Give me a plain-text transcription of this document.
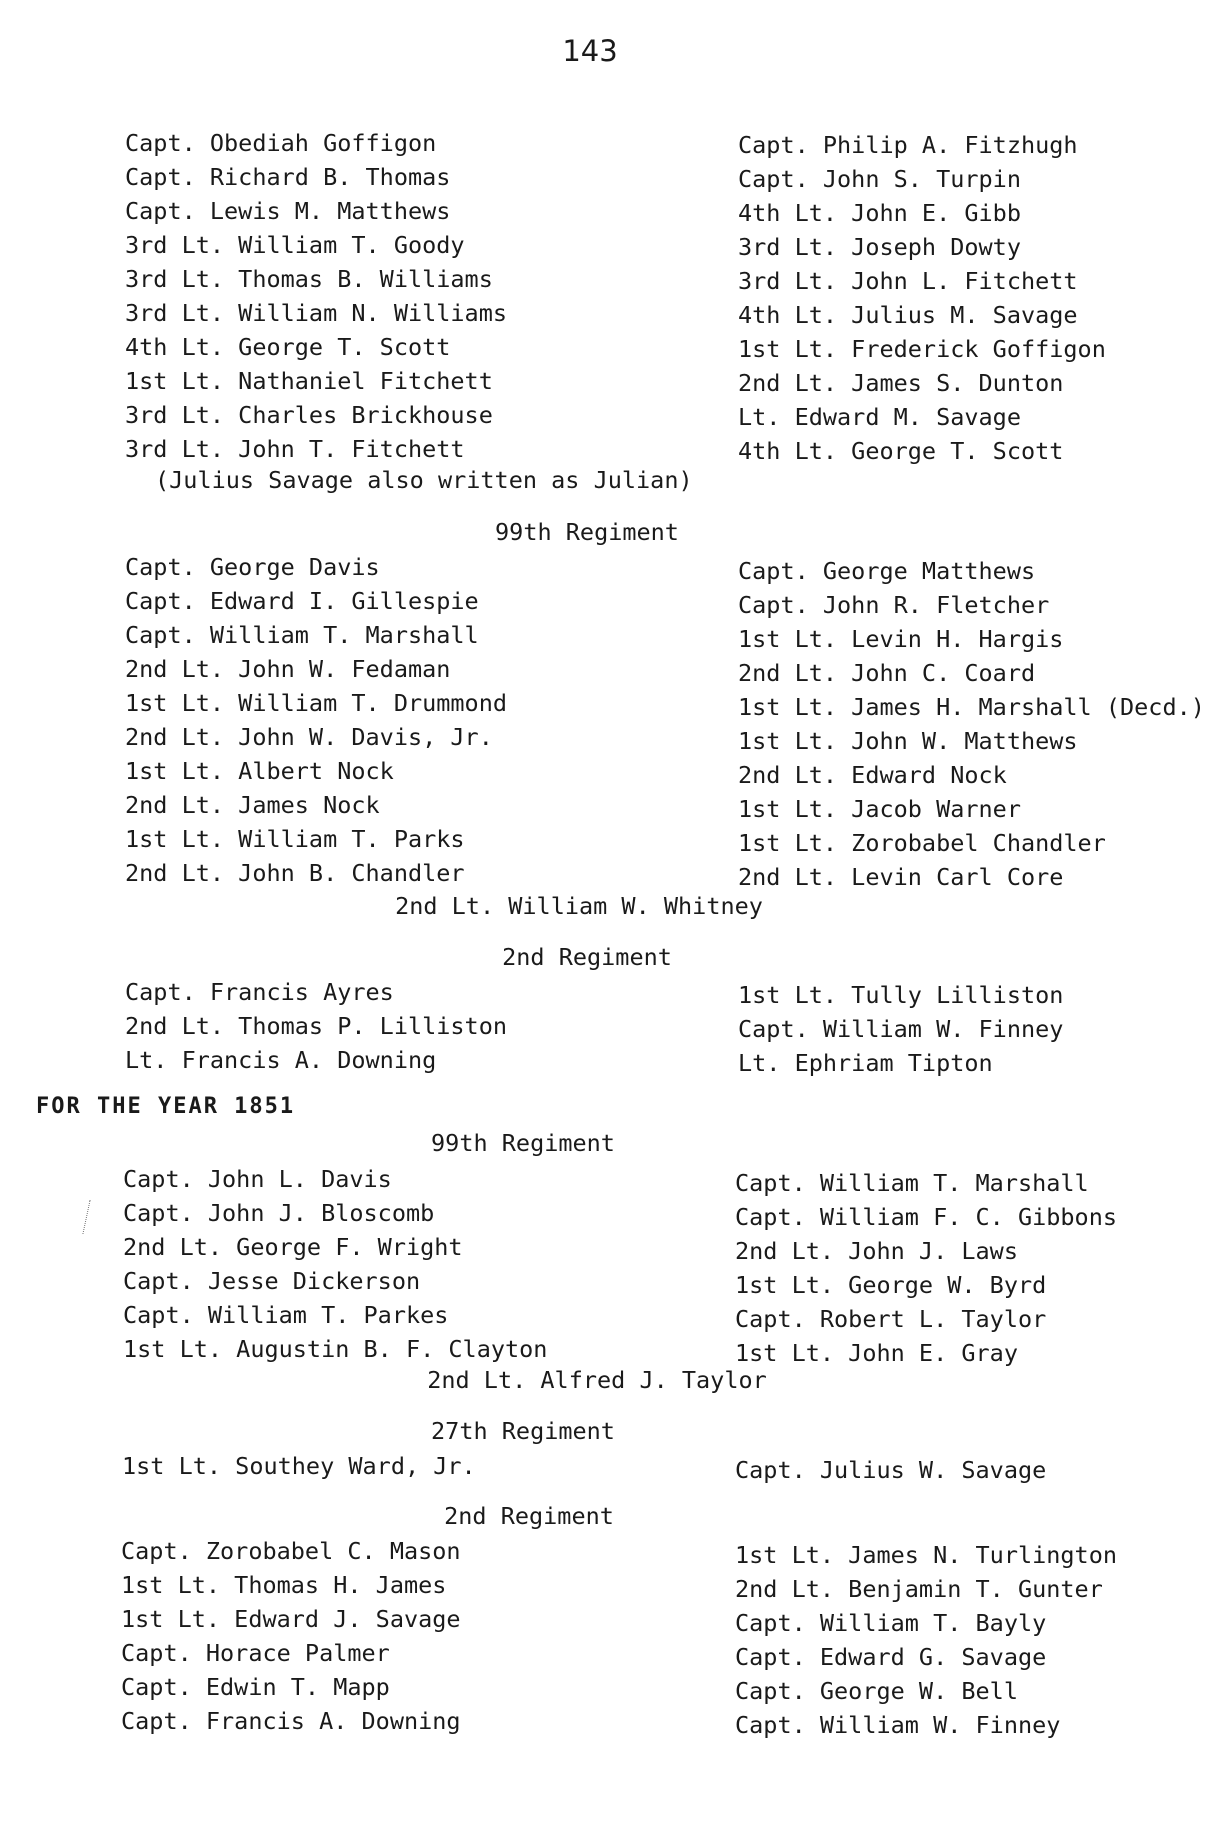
143
Capt. Obediah Goffigon
Capt. Richard B. Thomas
Capt. Lewis M. Matthews
3rd Lt. William T. Goody
3rd Lt. Thomas B. Williams
3rd Lt. William N. Williams
4th Lt. George T. Scott
1st Lt. Nathaniel Fitchett
3rd Lt. Charles Brickhouse
3rd Lt. John T. Fitchett
Capt. Philip A. Fitzhugh
Capt. John S. Turpin
4th Lt. John E. Gibb
3rd Lt. Joseph Dowty
3rd Lt. John L. Fitchett
4th Lt. Julius M. Savage
1st Lt. Frederick Goffigon
2nd Lt. James S. Dunton
Lt. Edward M. Savage
4th Lt. George T. Scott
(Julius Savage also written as Julian)
99th Regiment
Capt. George Davis
Capt. Edward I. Gillespie
Capt. William T. Marshall
2nd Lt. John W. Fedaman
1st Lt. William T. Drummond
2nd Lt. John W. Davis, Jr.
1st Lt. Albert Nock
2nd Lt. James Nock
1st Lt. William T. Parks
2nd Lt. John B. Chandler
Capt. George Matthews
Capt. John R. Fletcher
1st Lt. Levin H. Hargis
2nd Lt. John C. Coard
1st Lt. James H. Marshall (Decd.)
1st Lt. John W. Matthews
2nd Lt. Edward Nock
1st Lt. Jacob Warner
1st Lt. Zorobabel Chandler
2nd Lt. Levin Carl Core
2nd Lt. William W. Whitney
2nd Regiment
Capt. Francis Ayres
2nd Lt. Thomas P. Lilliston
Lt. Francis A. Downing
1st Lt. Tully Lilliston
Capt. William W. Finney
Lt. Ephriam Tipton
FOR THE YEAR 1851
99th Regiment
Capt. John L. Davis
Capt. John J. Bloscomb
2nd Lt. George F. Wright
Capt. Jesse Dickerson
Capt. William T. Parkes
1st Lt. Augustin B. F. Clayton
Capt. William T. Marshall
Capt. William F. C. Gibbons
2nd Lt. John J. Laws
1st Lt. George W. Byrd
Capt. Robert L. Taylor
1st Lt. John E. Gray
2nd Lt. Alfred J. Taylor
27th Regiment
1st Lt. Southey Ward, Jr.	Capt. Julius W. Savage
2nd Regiment
Capt. Zorobabel C. Mason
1st Lt. Thomas H. James
1st Lt. Edward J. Savage
Capt. Horace Palmer
Capt. Edwin T. Mapp
Capt. Francis A. Downing
1st Lt. James N. Turlington
2nd Lt. Benjamin T. Gunter
Capt. William T. Bayly
Capt. Edward G. Savage
Capt. George W. Bell
Capt. William W. Finney
